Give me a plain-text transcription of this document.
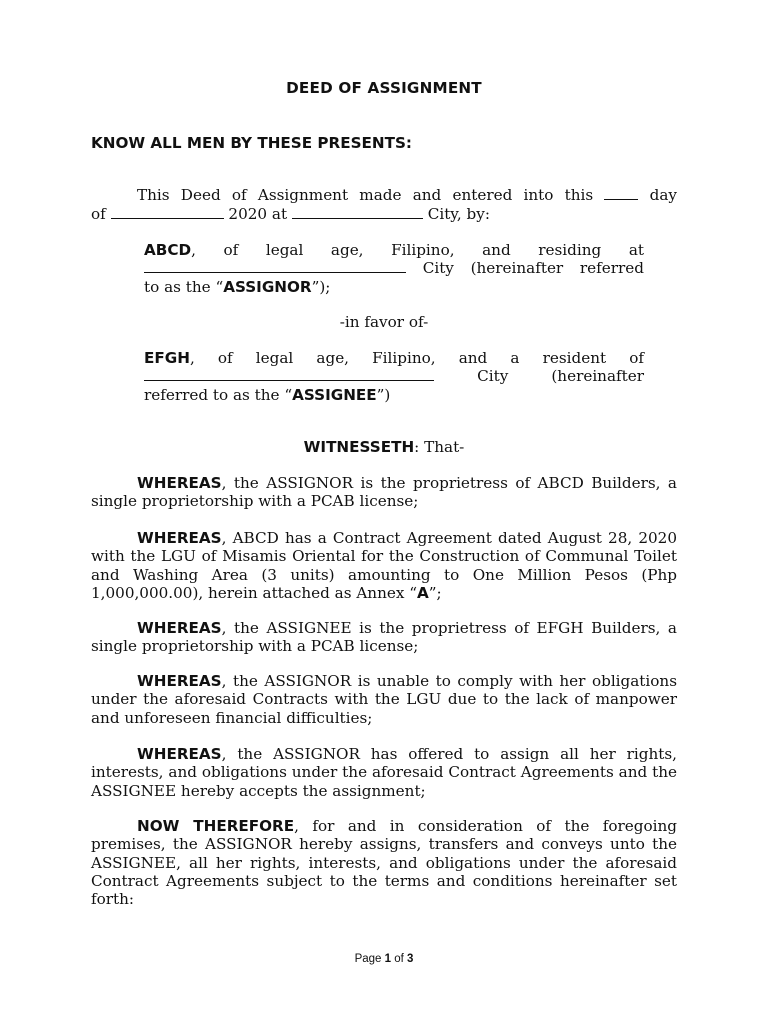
DEED OF ASSIGNMENT
KNOW ALL MEN BY THESE PRESENTS:
This Deed of Assignment made and entered into this  day
of	2020 at	City, by:
ABCD, of legal age, Filipino, and residing at
City (hereinafter referred
to as the “ASSIGNOR”);
-in favor of-
EFGH, of legal age, Filipino, and a resident of
City (hereinafter
referred to as the “ASSIGNEE”)
WITNESSETH: That-
WHEREAS, the ASSIGNOR is the proprietress of ABCD Builders, a single proprietorship with a PCAB license;
WHEREAS, ABCD has a Contract Agreement dated August 28, 2020 with the LGU of Misamis Oriental for the Construction of Communal Toilet and Washing Area (3 units) amounting to One Million Pesos (Php 1,000,000.00), herein attached as Annex “A”;
WHEREAS, the ASSIGNEE is the proprietress of EFGH Builders, a single proprietorship with a PCAB license;
WHEREAS, the ASSIGNOR is unable to comply with her obligations under the aforesaid Contracts with the LGU due to the lack of manpower and unforeseen financial difficulties;
WHEREAS, the ASSIGNOR has offered to assign all her rights, interests, and obligations under the aforesaid Contract Agreements and the ASSIGNEE hereby accepts the assignment;
NOW THEREFORE, for and in consideration of the foregoing premises, the ASSIGNOR hereby assigns, transfers and conveys unto the ASSIGNEE, all her rights, interests, and obligations under the aforesaid Contract Agreements subject to the terms and conditions hereinafter set forth:
Page 1 of 3
